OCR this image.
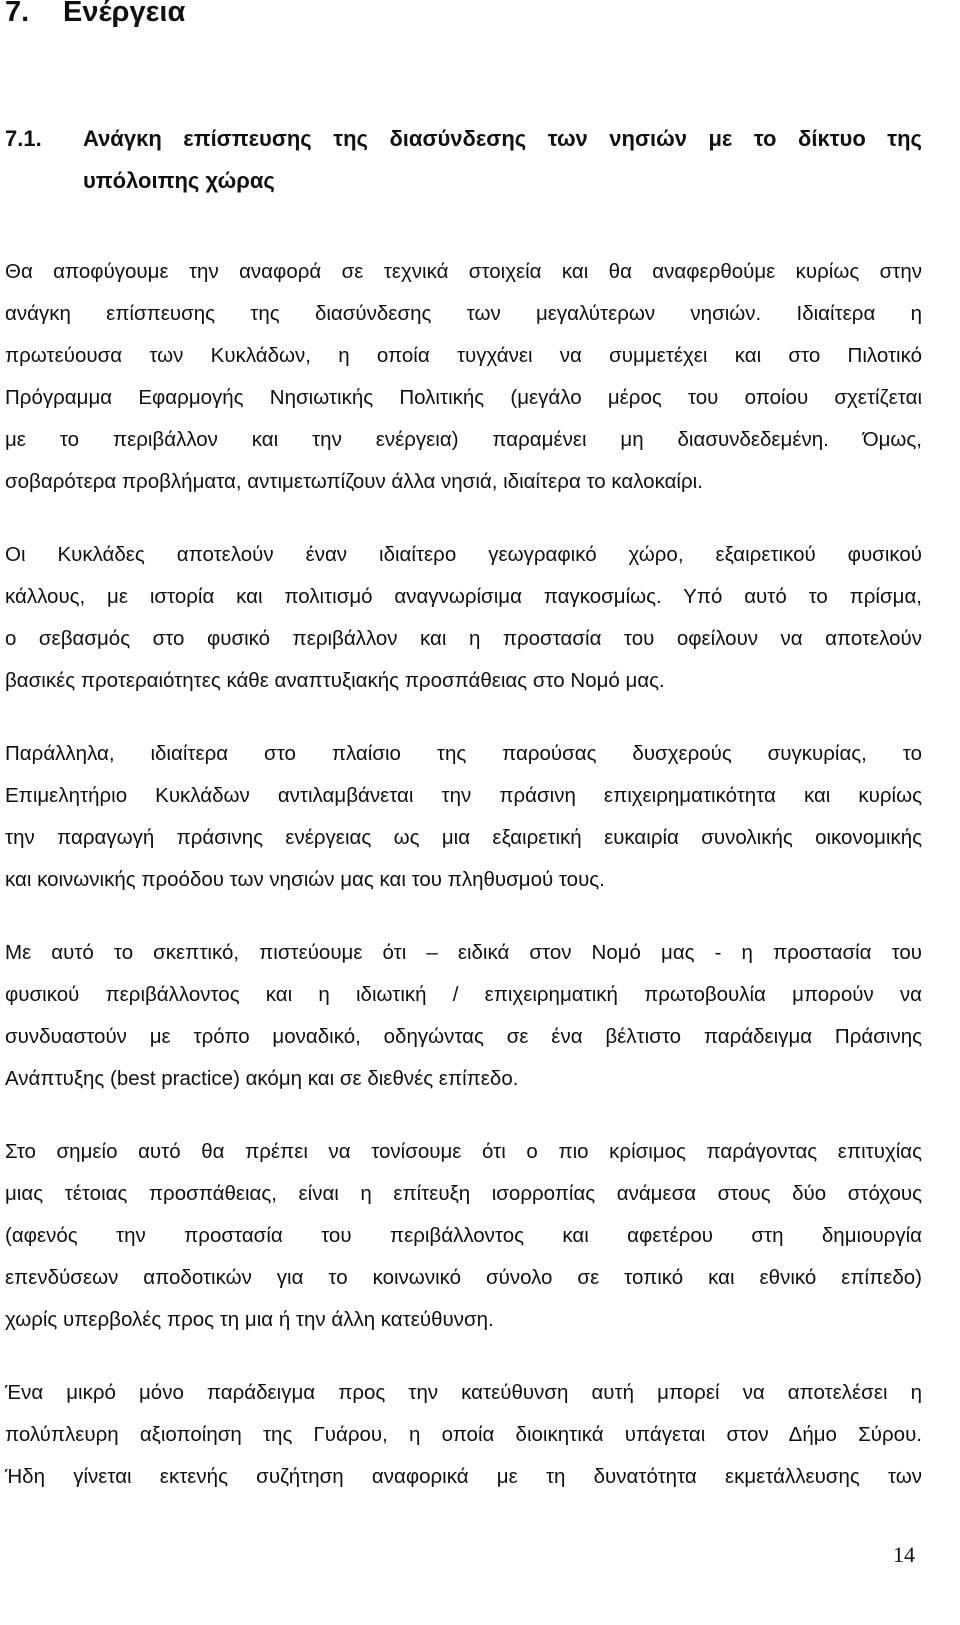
7. Ενέργεια
7.1. Ανάγκη επίσπευσης της διασύνδεσης των νησιών με το δίκτυο της
υπόλοιπης χώρας
Θα αποφύγουμε την αναφορά σε τεχνικά στοιχεία και θα αναφερθούμε κυρίως στην
ανάγκη επίσπευσης της διασύνδεσης των μεγαλύτερων νησιών. Ιδιαίτερα η
πρωτεύουσα των Κυκλάδων, η οποία τυγχάνει να συμμετέχει και στο Πιλοτικό
Πρόγραμμα Εφαρμογής Νησιωτικής Πολιτικής (μεγάλο μέρος του οποίου σχετίζεται
με το περιβάλλον και την ενέργεια) παραμένει μη διασυνδεδεμένη. Όμως,
σοβαρότερα προβλήματα, αντιμετωπίζουν άλλα νησιά, ιδιαίτερα το καλοκαίρι.
Οι Κυκλάδες αποτελούν έναν ιδιαίτερο γεωγραφικό χώρο, εξαιρετικού φυσικού
κάλλους, με ιστορία και πολιτισμό αναγνωρίσιμα παγκοσμίως. Υπό αυτό το πρίσμα,
ο σεβασμός στο φυσικό περιβάλλον και η προστασία του οφείλουν να αποτελούν
βασικές προτεραιότητες κάθε αναπτυξιακής προσπάθειας στο Νομό μας.
Παράλληλα, ιδιαίτερα στο πλαίσιο της παρούσας δυσχερούς συγκυρίας, το
Επιμελητήριο Κυκλάδων αντιλαμβάνεται την πράσινη επιχειρηματικότητα και κυρίως
την παραγωγή πράσινης ενέργειας ως μια εξαιρετική ευκαιρία συνολικής οικονομικής
και κοινωνικής προόδου των νησιών μας και του πληθυσμού τους.
Με αυτό το σκεπτικό, πιστεύουμε ότι – ειδικά στον Νομό μας - η προστασία του
φυσικού περιβάλλοντος και η ιδιωτική / επιχειρηματική πρωτοβουλία μπορούν να
συνδυαστούν με τρόπο μοναδικό, οδηγώντας σε ένα βέλτιστο παράδειγμα Πράσινης
Ανάπτυξης (best practice) ακόμη και σε διεθνές επίπεδο.
Στο σημείο αυτό θα πρέπει να τονίσουμε ότι ο πιο κρίσιμος παράγοντας επιτυχίας
μιας τέτοιας προσπάθειας, είναι η επίτευξη ισορροπίας ανάμεσα στους δύο στόχους
(αφενός την προστασία του περιβάλλοντος και αφετέρου στη δημιουργία
επενδύσεων αποδοτικών για το κοινωνικό σύνολο σε τοπικό και εθνικό επίπεδο)
χωρίς υπερβολές προς τη μια ή την άλλη κατεύθυνση.
Ένα μικρό μόνο παράδειγμα προς την κατεύθυνση αυτή μπορεί να αποτελέσει η
πολύπλευρη αξιοποίηση της Γυάρου, η οποία διοικητικά υπάγεται στον Δήμο Σύρου.
Ήδη γίνεται εκτενής συζήτηση αναφορικά με τη δυνατότητα εκμετάλλευσης των
14
